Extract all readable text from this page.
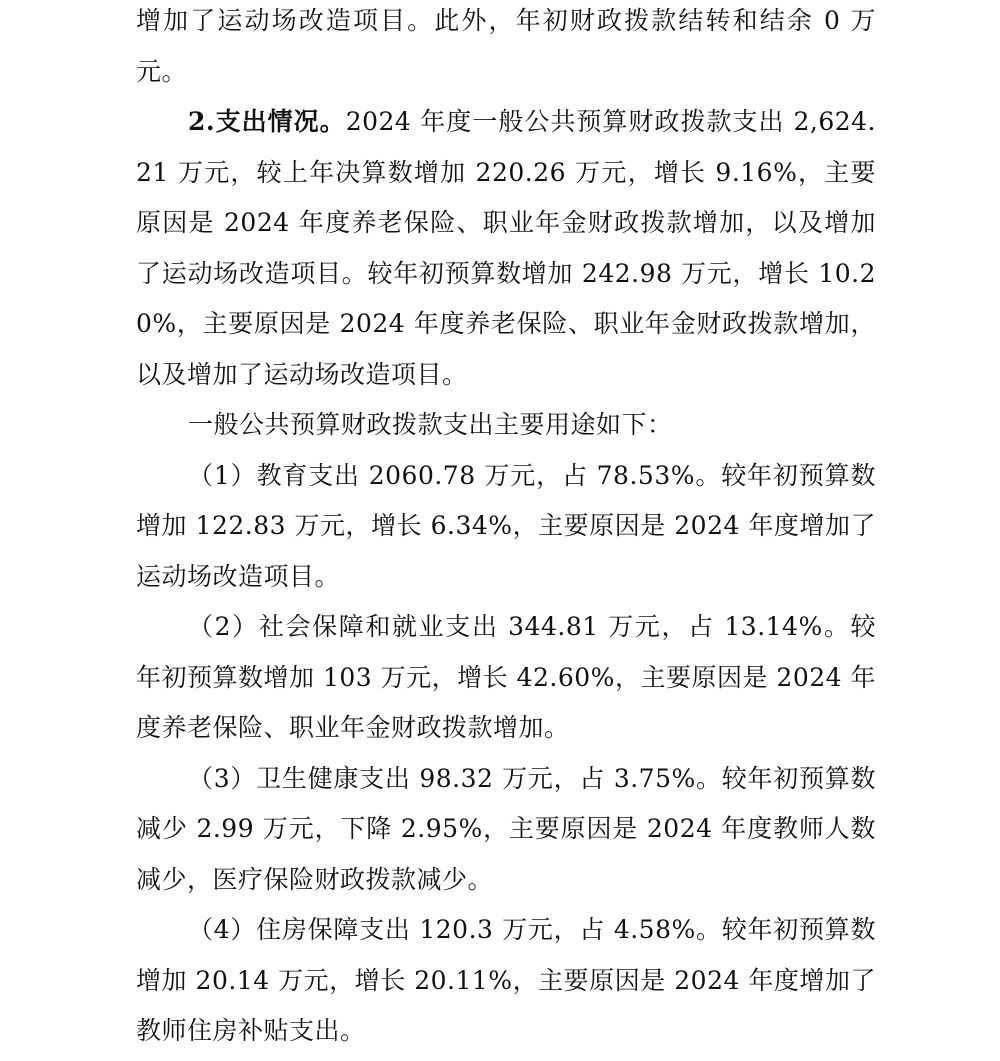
增加了运动场改造项目。此外，年初财政拨款结转和结余 0 万元。

2.支出情况。2024 年度一般公共预算财政拨款支出 2,624.21 万元，较上年决算数增加 220.26 万元，增长 9.16%，主要原因是 2024 年度养老保险、职业年金财政拨款增加，以及增加了运动场改造项目。较年初预算数增加 242.98 万元，增长 10.20%，主要原因是 2024 年度养老保险、职业年金财政拨款增加，以及增加了运动场改造项目。

一般公共预算财政拨款支出主要用途如下：

（1）教育支出 2060.78 万元，占 78.53%。较年初预算数增加 122.83 万元，增长 6.34%，主要原因是 2024 年度增加了运动场改造项目。

（2）社会保障和就业支出 344.81 万元，占 13.14%。较年初预算数增加 103 万元，增长 42.60%，主要原因是 2024 年度养老保险、职业年金财政拨款增加。

（3）卫生健康支出 98.32 万元，占 3.75%。较年初预算数减少 2.99 万元，下降 2.95%，主要原因是 2024 年度教师人数减少，医疗保险财政拨款减少。

（4）住房保障支出 120.3 万元，占 4.58%。较年初预算数增加 20.14 万元，增长 20.11%，主要原因是 2024 年度增加了教师住房补贴支出。
